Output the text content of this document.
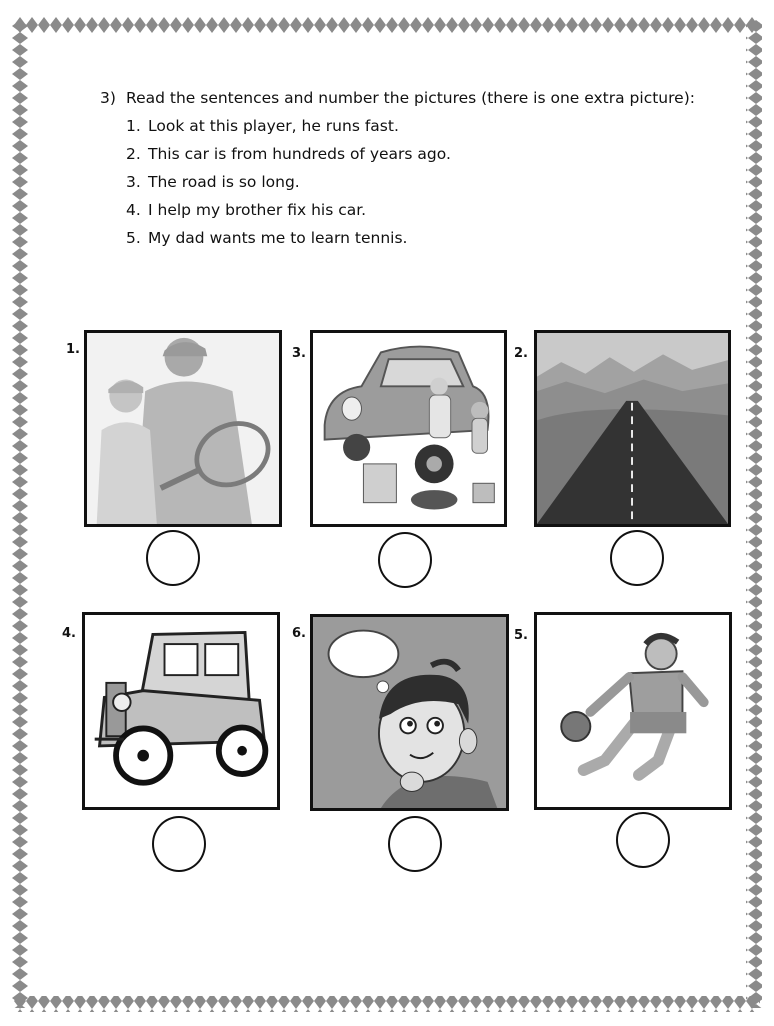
3) Read the sentences and number the pictures (there is one extra picture):
1. Look at this player, he runs fast.
2. This car is from hundreds of years ago.
3. The road is so long.
4. I help my brother fix his car.
5. My dad wants me to learn tennis.
1.	3.	2.
4.	6.	5.
